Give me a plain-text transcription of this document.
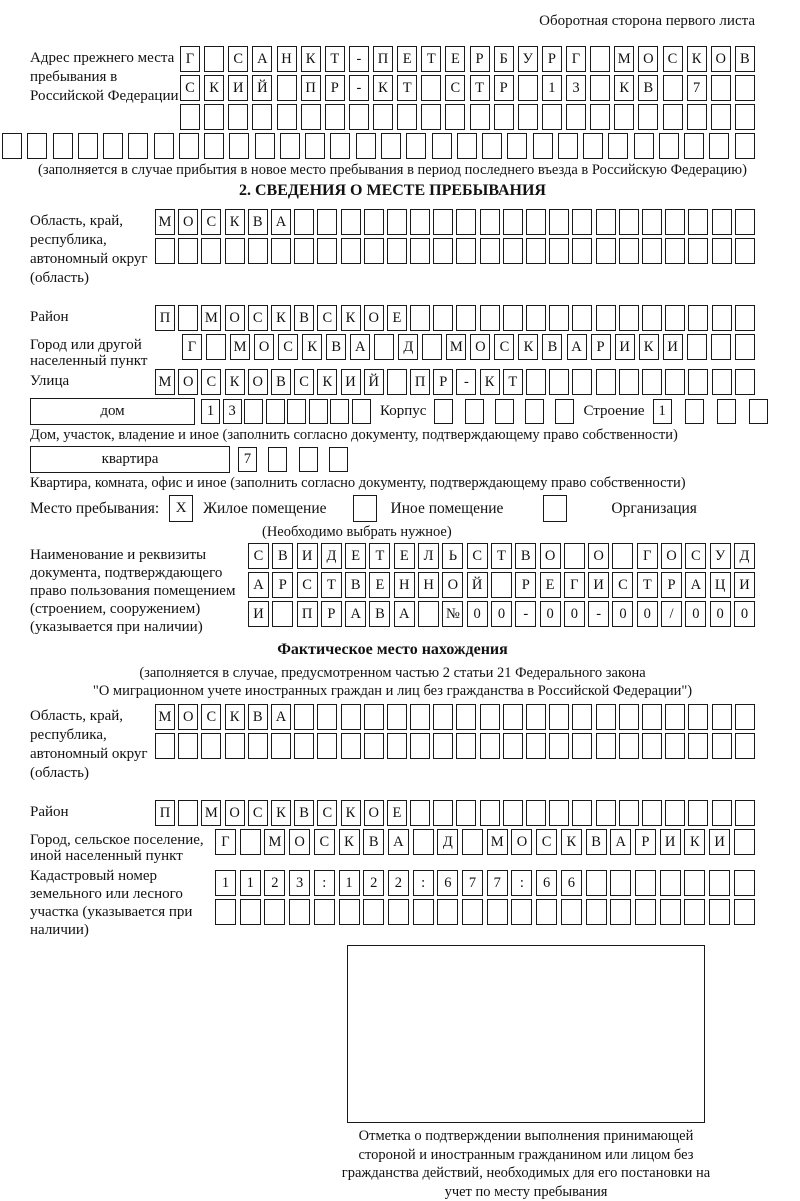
Оборотная сторона первого листа
Адрес прежнего места пребывания в Российской Федерации
Г	С А Н К	Т	-	П Е	Т	Е	Р	Б	У	Р	Г	М О С К О В
С К И Й	П	Р	-	К	Т	С	Т	Р	1	3	К В	7
(заполняется в случае прибытия в новое место пребывания в период последнего въезда в Российскую Федерацию)
2. СВЕДЕНИЯ О МЕСТЕ ПРЕБЫВАНИЯ
Область, край, республика, автономный округ (область)
М О С К В А
Район	П	М О С К В С К О Е
Город или другой населенный пункт
Г	М О С К В А	Д	М О С К В А	Р	И К И
Улица	М О С К О В С К И Й	П Р	-	К Т
дом	1 3	Корпус	Строение 1
Дом, участок, владение и иное (заполнить согласно документу, подтверждающему право собственности)
квартира	7
Квартира, комната, офис и иное (заполнить согласно документу, подтверждающему право собственности)
Место пребывания:	X	Жилое помещение	Иное помещение	Организация
(Необходимо выбрать нужное)
Наименование и реквизиты документа, подтверждающего право пользования помещением (строением, сооружением) (указывается при наличии)
С	В И Д	Е	Т	Е	Л	Ь	С	Т	В О	О	Г	О С У Д
А	Р	С	Т	В	Е	Н Н О Й	Р	Е	Г	И С	Т	Р	А Ц И
И	П	Р	А В А	№ 0	0	-	0	0	-	0	0	/	0	0	0
Фактическое место нахождения
(заполняется в случае, предусмотренном частью 2 статьи 21 Федерального закона
"О миграционном учете иностранных граждан и лиц без гражданства в Российской Федерации")
Область, край, республика, автономный округ (область)
М О С К В А
Район	П	М О С К В С К О Е
Город, сельское поселение, иной населенный пункт
Г	М О	С	К	В	А	Д	М О	С	К	В	А	Р	И	К	И
Кадастровый номер земельного или лесного участка (указывается при наличии)
1	1	2	3	:	1	2	2	:	6	7	7	:	6	6
Отметка о подтверждении выполнения принимающей стороной и иностранным гражданином или лицом без гражданства действий, необходимых для его постановки на учет по месту пребывания
